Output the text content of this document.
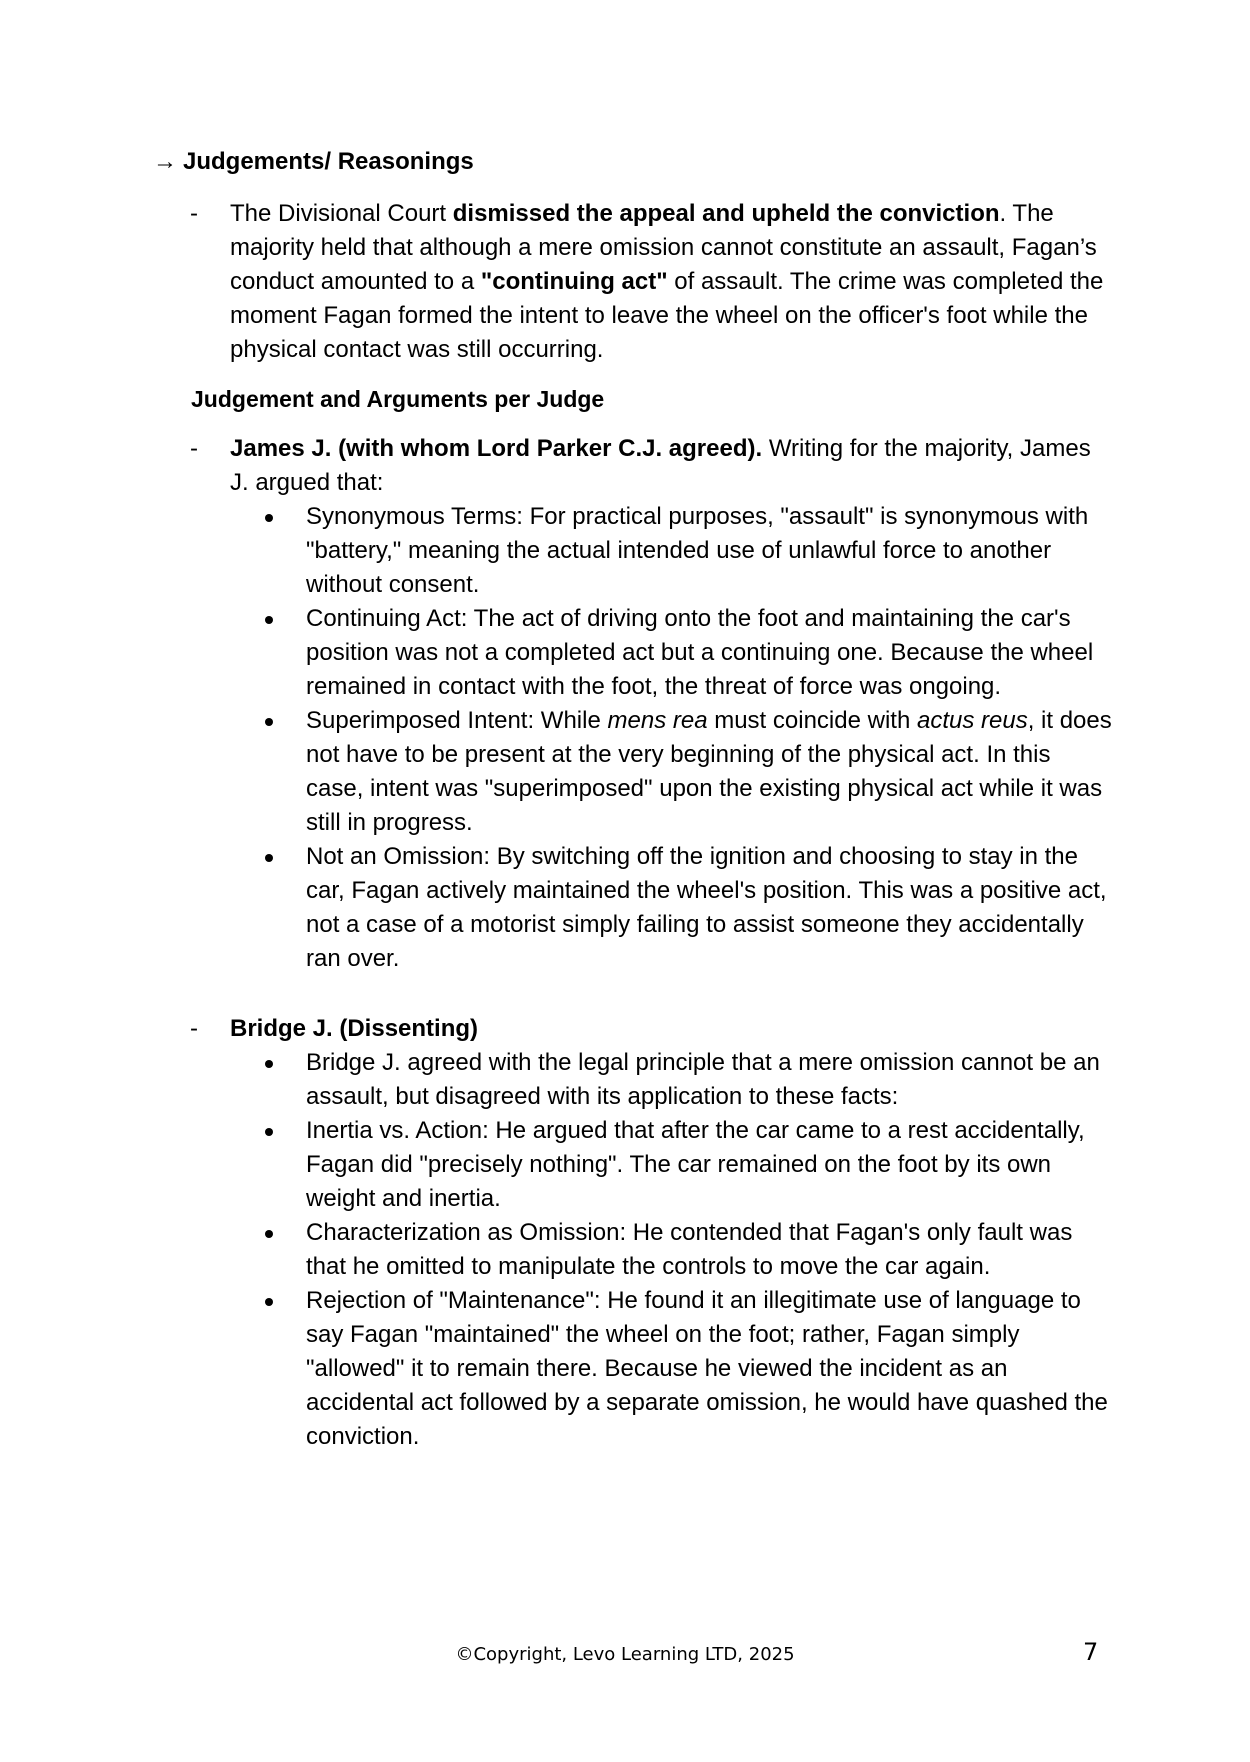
→ Judgements/ Reasonings
- The Divisional Court dismissed the appeal and upheld the conviction. The majority held that although a mere omission cannot constitute an assault, Fagan’s conduct amounted to a "continuing act" of assault. The crime was completed the moment Fagan formed the intent to leave the wheel on the officer's foot while the physical contact was still occurring.
Judgement and Arguments per Judge
- James J. (with whom Lord Parker C.J. agreed). Writing for the majority, James J. argued that:
Synonymous Terms: For practical purposes, "assault" is synonymous with "battery," meaning the actual intended use of unlawful force to another without consent.
Continuing Act: The act of driving onto the foot and maintaining the car's position was not a completed act but a continuing one. Because the wheel remained in contact with the foot, the threat of force was ongoing.
Superimposed Intent: While mens rea must coincide with actus reus, it does not have to be present at the very beginning of the physical act. In this case, intent was "superimposed" upon the existing physical act while it was still in progress.
Not an Omission: By switching off the ignition and choosing to stay in the car, Fagan actively maintained the wheel's position. This was a positive act, not a case of a motorist simply failing to assist someone they accidentally ran over.
- Bridge J. (Dissenting)
Bridge J. agreed with the legal principle that a mere omission cannot be an assault, but disagreed with its application to these facts:
Inertia vs. Action: He argued that after the car came to a rest accidentally, Fagan did "precisely nothing". The car remained on the foot by its own weight and inertia.
Characterization as Omission: He contended that Fagan's only fault was that he omitted to manipulate the controls to move the car again.
Rejection of "Maintenance": He found it an illegitimate use of language to say Fagan "maintained" the wheel on the foot; rather, Fagan simply "allowed" it to remain there. Because he viewed the incident as an accidental act followed by a separate omission, he would have quashed the conviction.
©Copyright, Levo Learning LTD, 2025	7
